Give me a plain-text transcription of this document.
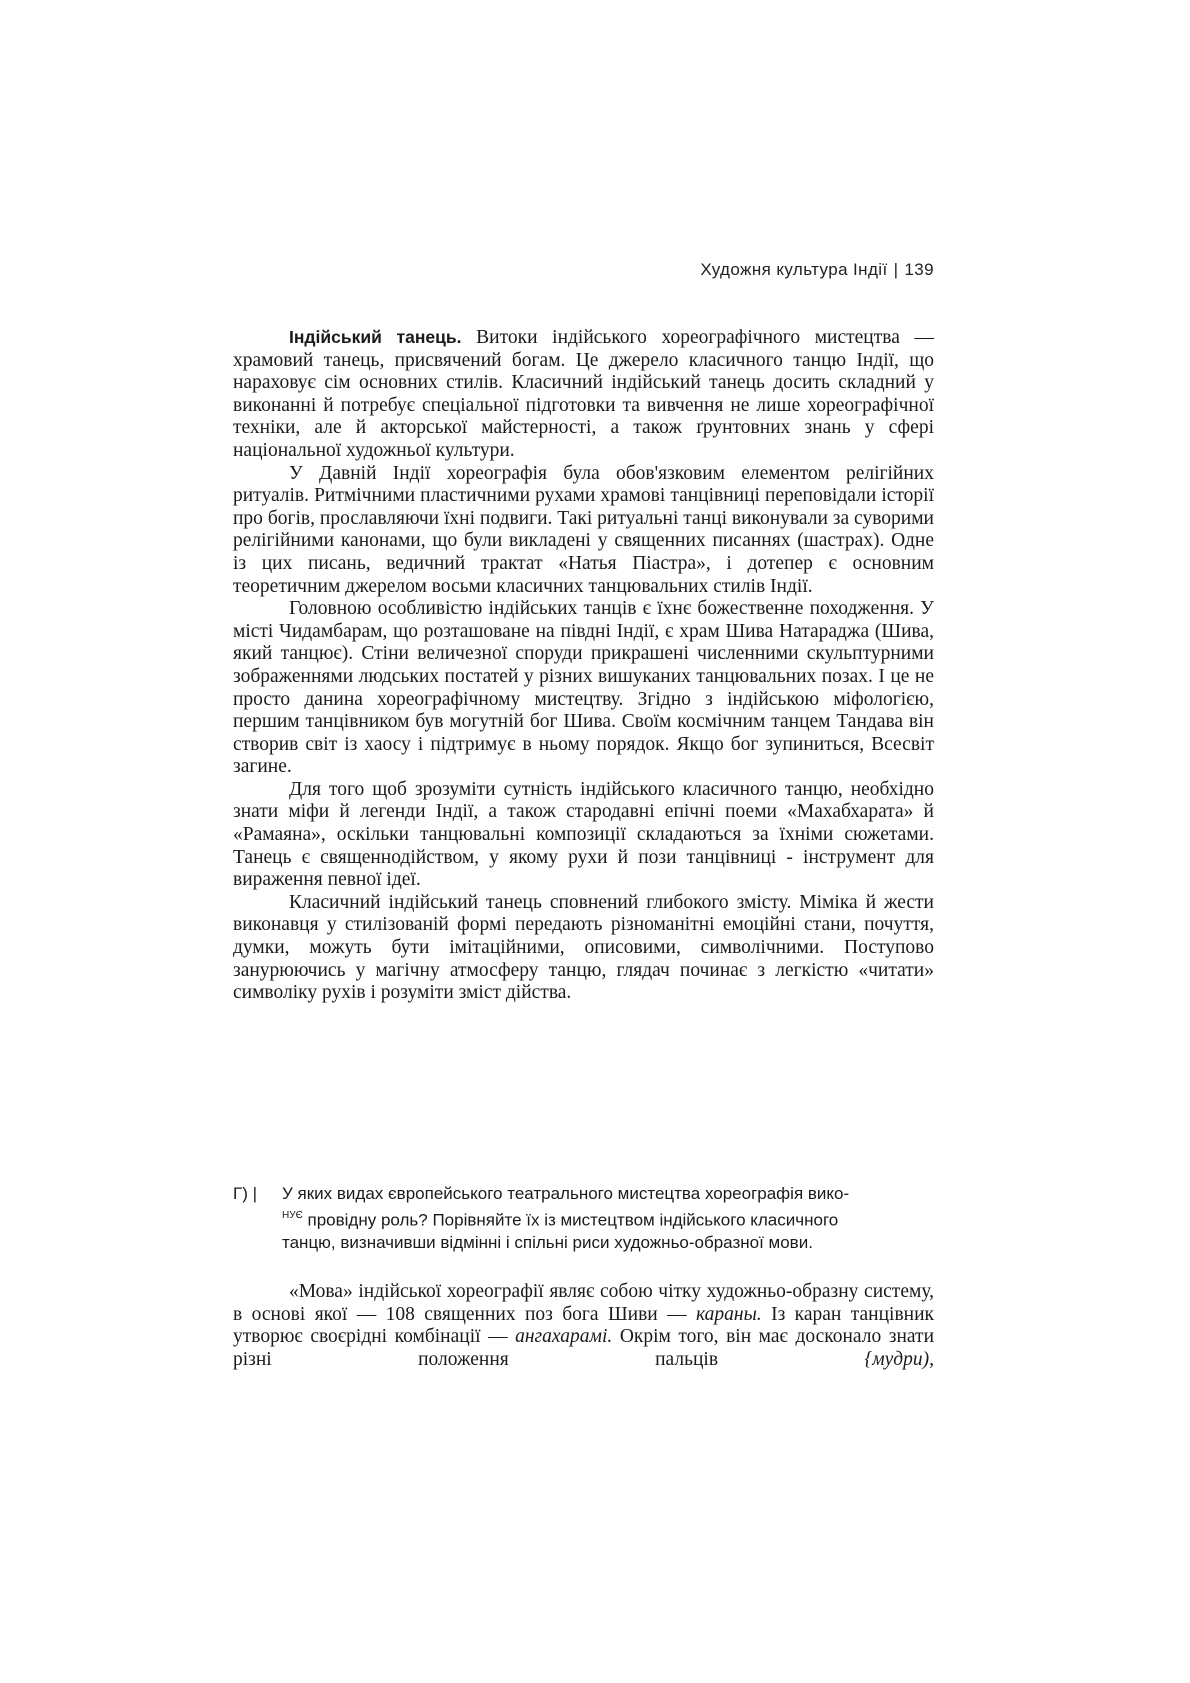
Художня культура Індії | 139

Індійський танець. Витоки індійського хореографічного мистецтва — храмовий танець, присвячений богам. Це джерело класичного танцю Індії, що нараховує сім основних стилів. Класичний індійський танець досить складний у виконанні й потребує спеціальної підготовки та вивчення не лише хореографічної техніки, але й акторської майстерності, а також ґрунтовних знань у сфері національної художньої культури.

У Давній Індії хореографія була обов'язковим елементом релігійних ритуалів. Ритмічними пластичними рухами храмові танцівниці переповідали історії про богів, прославляючи їхні подвиги. Такі ритуальні танці виконували за суворими релігійними канонами, що були викладені у священних писаннях (шастрах). Одне із цих писань, ведичний трактат «Натья Піастра», і дотепер є основним теоретичним джерелом восьми класичних танцювальних стилів Індії.

Головною особливістю індійських танців є їхнє божественне походження. У місті Чидамбарам, що розташоване на півдні Індії, є храм Шива Натараджа (Шива, який танцює). Стіни величезної споруди прикрашені численними скульптурними зображеннями людських постатей у різних вишуканих танцювальних позах. І це не просто данина хореографічному мистецтву. Згідно з індійською міфологією, першим танцівником був могутній бог Шива. Своїм космічним танцем Тандава він створив світ із хаосу і підтримує в ньому порядок. Якщо бог зупиниться, Всесвіт загине.

Для того щоб зрозуміти сутність індійського класичного танцю, необхідно знати міфи й легенди Індії, а також стародавні епічні поеми «Махабхарата» й «Рамаяна», оскільки танцювальні композиції складаються за їхніми сюжетами. Танець є священнодійством, у якому рухи й пози танцівниці - інструмент для вираження певної ідеї.

Класичний індійський танець сповнений глибокого змісту. Міміка й жести виконавця у стилізованій формі передають різноманітні емоційні стани, почуття, думки, можуть бути імітаційними, описовими, символічними. Поступово занурюючись у магічну атмосферу танцю, глядач починає з легкістю «читати» символіку рухів і розуміти зміст дійства.

Г) | У яких видах європейського театрального мистецтва хореографія вико-
$^{НУЄ}$ провідну роль? Порівняйте їх із мистецтвом індійського класичного
танцю, визначивши відмінні і спільні риси художньо-образної мови.

«Мова» індійської хореографії являє собою чітку художньо-образну систему, в основі якої — 108 священних поз бога Шиви — караны. Із каран танцівник утворює своєрідні комбінації — ангахарамі. Окрім того, він має досконало знати різні положення пальців	{мудри),
